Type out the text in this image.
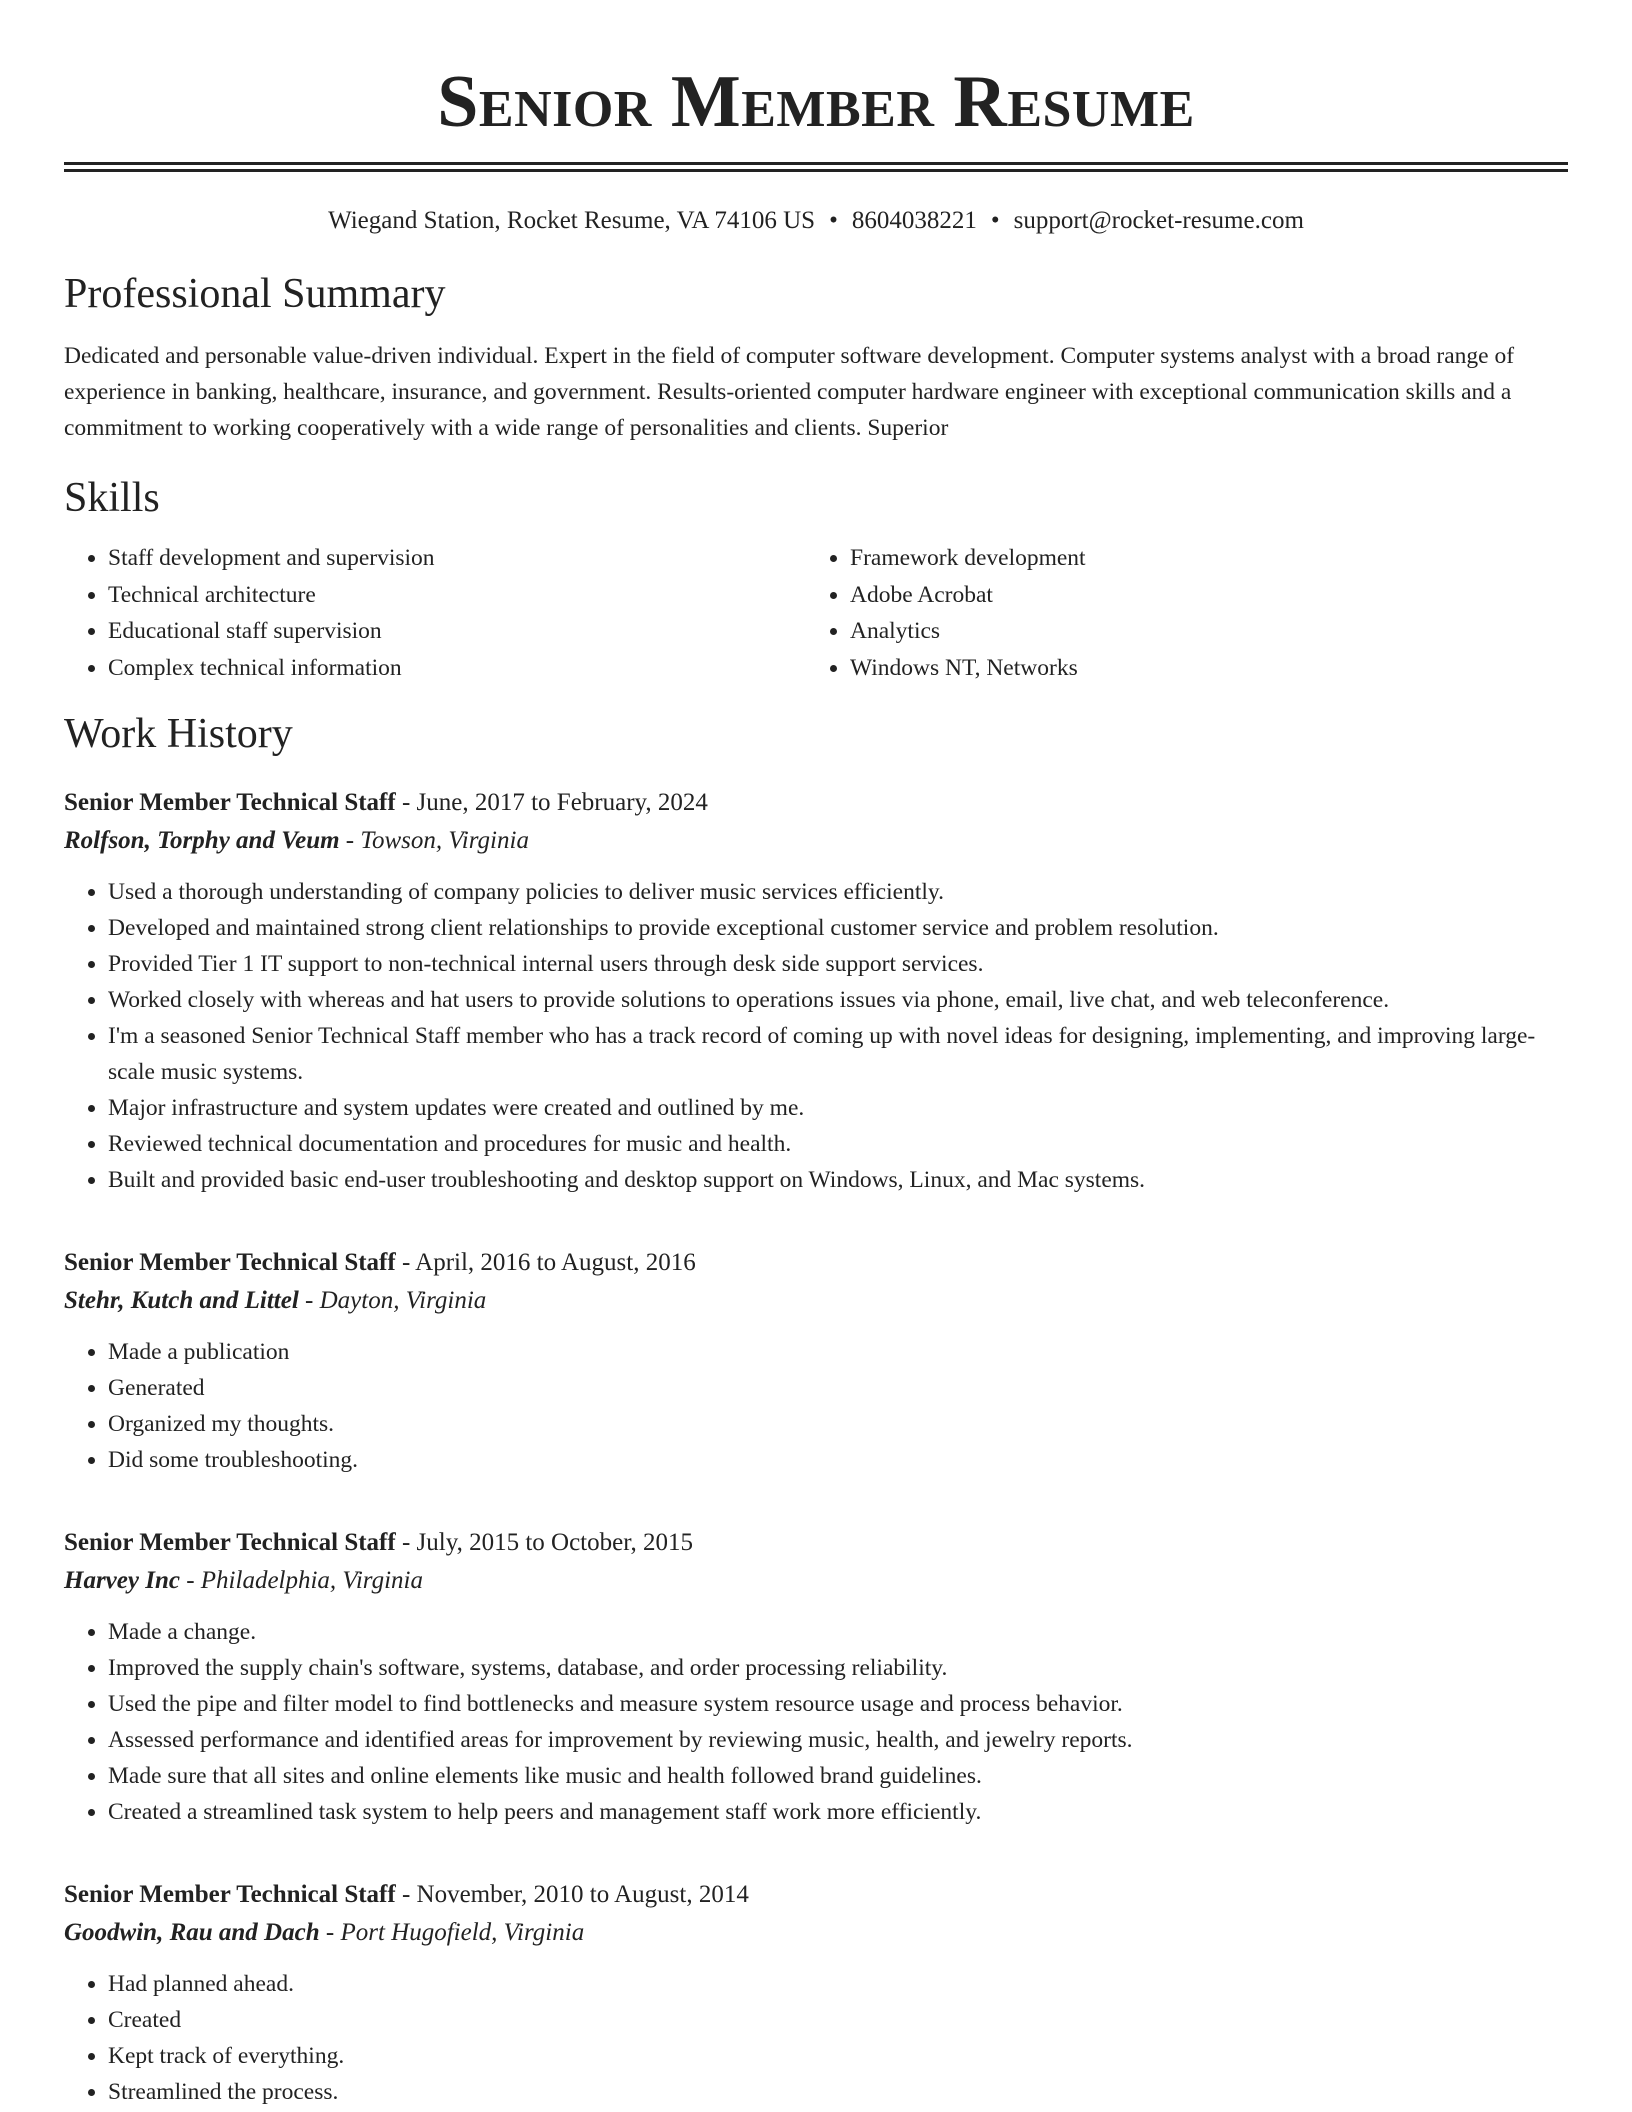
Senior Member Resume
Wiegand Station, Rocket Resume, VA 74106 US • 8604038221 • support@rocket-resume.com
Professional Summary

Dedicated and personable value-driven individual. Expert in the field of computer software development. Computer systems analyst with a broad range of experience in banking, healthcare, insurance, and government. Results-oriented computer hardware engineer with exceptional communication skills and a commitment to working cooperatively with a wide range of personalities and clients. Superior

Skills
• Staff development and supervision
• Technical architecture
• Educational staff supervision
• Complex technical information
• Framework development
• Adobe Acrobat
• Analytics
• Windows NT, Networks
Work History
Senior Member Technical Staff - June, 2017 to February, 2024
Rolfson, Torphy and Veum - Towson, Virginia
• Used a thorough understanding of company policies to deliver music services efficiently.
• Developed and maintained strong client relationships to provide exceptional customer service and problem resolution.
• Provided Tier 1 IT support to non-technical internal users through desk side support services.
• Worked closely with whereas and hat users to provide solutions to operations issues via phone, email, live chat, and web teleconference.
• I'm a seasoned Senior Technical Staff member who has a track record of coming up with novel ideas for designing, implementing, and improving large-scale music systems.
• Major infrastructure and system updates were created and outlined by me.
• Reviewed technical documentation and procedures for music and health.
• Built and provided basic end-user troubleshooting and desktop support on Windows, Linux, and Mac systems.
Senior Member Technical Staff - April, 2016 to August, 2016
Stehr, Kutch and Littel - Dayton, Virginia
• Made a publication
• Generated
• Organized my thoughts.
• Did some troubleshooting.
Senior Member Technical Staff - July, 2015 to October, 2015
Harvey Inc - Philadelphia, Virginia
• Made a change.
• Improved the supply chain's software, systems, database, and order processing reliability.
• Used the pipe and filter model to find bottlenecks and measure system resource usage and process behavior.
• Assessed performance and identified areas for improvement by reviewing music, health, and jewelry reports.
• Made sure that all sites and online elements like music and health followed brand guidelines.
• Created a streamlined task system to help peers and management staff work more efficiently.
Senior Member Technical Staff - November, 2010 to August, 2014
Goodwin, Rau and Dach - Port Hugofield, Virginia
• Had planned ahead.
• Created
• Kept track of everything.
• Streamlined the process.
